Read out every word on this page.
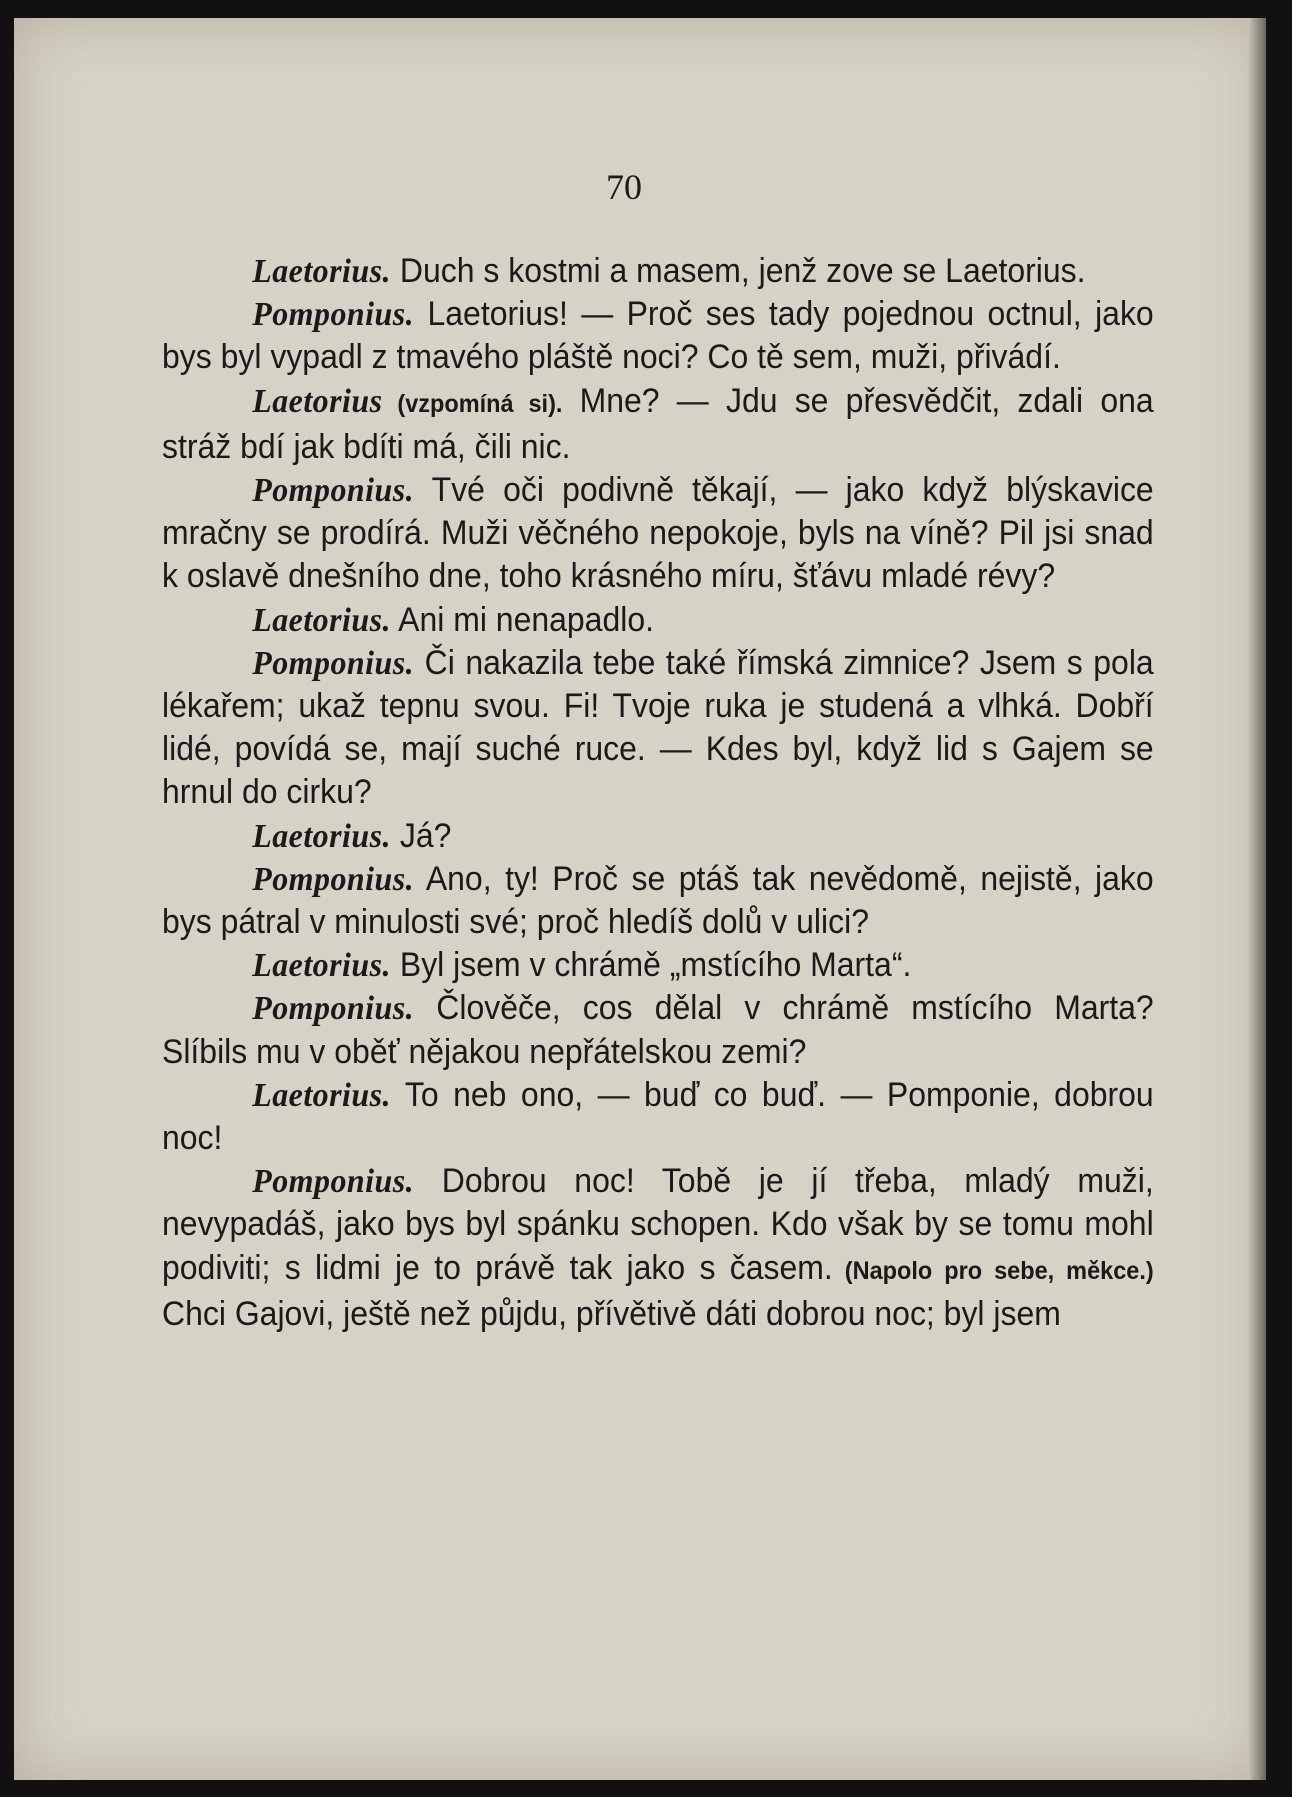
70

Laetorius. Duch s kostmi a masem, jenž zove se Laetorius.

Pomponius. Laetorius! — Proč ses tady pojednou octnul, jako bys byl vypadl z tmavého pláště noci? Co tě sem, muži, přivádí.

Laetorius (vzpomíná si). Mne? — Jdu se přesvědčit, zdali ona stráž bdí jak bdíti má, čili nic.

Pomponius. Tvé oči podivně těkají, — jako když blýskavice mračny se prodírá. Muži věčného nepokoje, byls na víně? Pil jsi snad k oslavě dnešního dne, toho krásného míru, šťávu mladé révy?

Laetorius. Ani mi nenapadlo.

Pomponius. Či nakazila tebe také římská zimnice? Jsem s pola lékařem; ukaž tepnu svou. Fi! Tvoje ruka je studená a vlhká. Dobří lidé, povídá se, mají suché ruce. — Kdes byl, když lid s Gajem se hrnul do cirku?

Laetorius. Já?

Pomponius. Ano, ty! Proč se ptáš tak nevědomě, nejistě, jako bys pátral v minulosti své; proč hledíš dolů v ulici?

Laetorius. Byl jsem v chrámě „mstícího Marta“.

Pomponius. Člověče, cos dělal v chrámě mstícího Marta? Slíbils mu v oběť nějakou nepřátelskou zemi?

Laetorius. To neb ono, — buď co buď. — Pomponie, dobrou noc!

Pomponius. Dobrou noc! Tobě je jí třeba, mladý muži, nevypadáš, jako bys byl spánku schopen. Kdo však by se tomu mohl podiviti; s lidmi je to právě tak jako s časem. (Napolo pro sebe, měkce.) Chci Gajovi, ještě než půjdu, přívětivě dáti dobrou noc; byl jsem
